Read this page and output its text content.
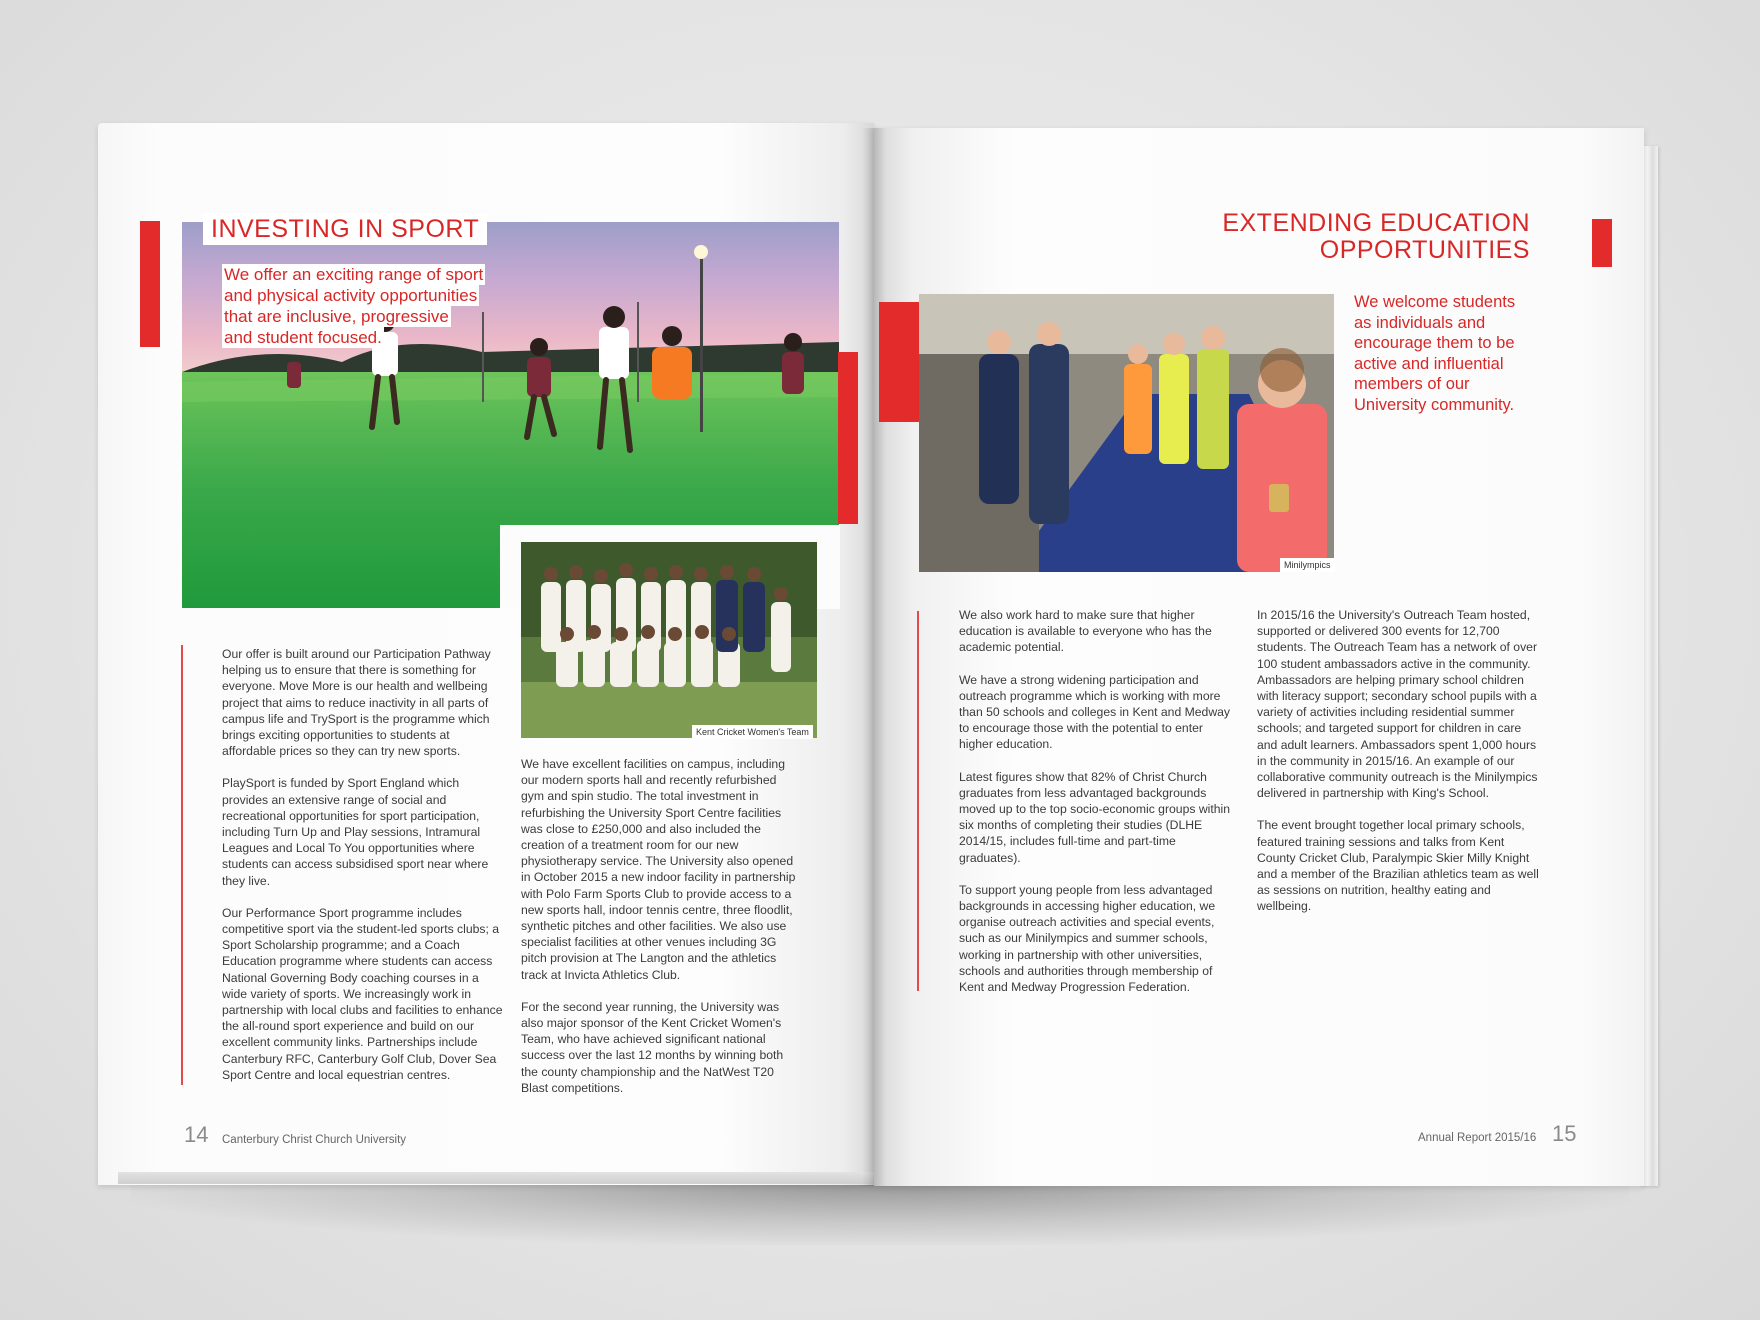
INVESTING IN SPORT
We offer an exciting range of sport
and physical activity opportunities
that are inclusive, progressive
and student focused.
Kent Cricket Women's Team

Our offer is built around our Participation Pathway helping us to ensure that there is something for everyone. Move More is our health and wellbeing project that aims to reduce inactivity in all parts of campus life and TrySport is the programme which brings exciting opportunities to students at affordable prices so they can try new sports.

PlaySport is funded by Sport England which provides an extensive range of social and recreational opportunities for sport participation, including Turn Up and Play sessions, Intramural Leagues and Local To You opportunities where students can access subsidised sport near where they live.

Our Performance Sport programme includes competitive sport via the student-led sports clubs; a Sport Scholarship programme; and a Coach Education programme where students can access National Governing Body coaching courses in a wide variety of sports. We increasingly work in partnership with local clubs and facilities to enhance the all-round sport experience and build on our excellent community links. Partnerships include Canterbury RFC, Canterbury Golf Club, Dover Sea Sport Centre and local equestrian centres.

We have excellent facilities on campus, including our modern sports hall and recently refurbished gym and spin studio. The total investment in refurbishing the University Sport Centre facilities was close to £250,000 and also included the creation of a treatment room for our new physiotherapy service. The University also opened in October 2015 a new indoor facility in partnership with Polo Farm Sports Club to provide access to a new sports hall, indoor tennis centre, three floodlit, synthetic pitches and other facilities. We also use specialist facilities at other venues including 3G pitch provision at The Langton and the athletics track at Invicta Athletics Club.

For the second year running, the University was also major sponsor of the Kent Cricket Women's Team, who have achieved significant national success over the last 12 months by winning both the county championship and the NatWest T20 Blast competitions.

14 Canterbury Christ Church University
EXTENDING EDUCATION
OPPORTUNITIES
Minilympics
We welcome students
as individuals and
encourage them to be
active and influential
members of our
University community.

We also work hard to make sure that higher education is available to everyone who has the academic potential.

We have a strong widening participation and outreach programme which is working with more than 50 schools and colleges in Kent and Medway to encourage those with the potential to enter higher education.

Latest figures show that 82% of Christ Church graduates from less advantaged backgrounds moved up to the top socio-economic groups within six months of completing their studies (DLHE 2014/15, includes full-time and part-time graduates).

To support young people from less advantaged backgrounds in accessing higher education, we organise outreach activities and special events, such as our Minilympics and summer schools, working in partnership with other universities, schools and authorities through membership of Kent and Medway Progression Federation.

In 2015/16 the University's Outreach Team hosted, supported or delivered 300 events for 12,700 students. The Outreach Team has a network of over 100 student ambassadors active in the community. Ambassadors are helping primary school children with literacy support; secondary school pupils with a variety of activities including residential summer schools; and targeted support for children in care and adult learners. Ambassadors spent 1,000 hours in the community in 2015/16. An example of our collaborative community outreach is the Minilympics delivered in partnership with King's School.

The event brought together local primary schools, featured training sessions and talks from Kent County Cricket Club, Paralympic Skier Milly Knight and a member of the Brazilian athletics team as well as sessions on nutrition, healthy eating and wellbeing.

Annual Report 2015/16 15
